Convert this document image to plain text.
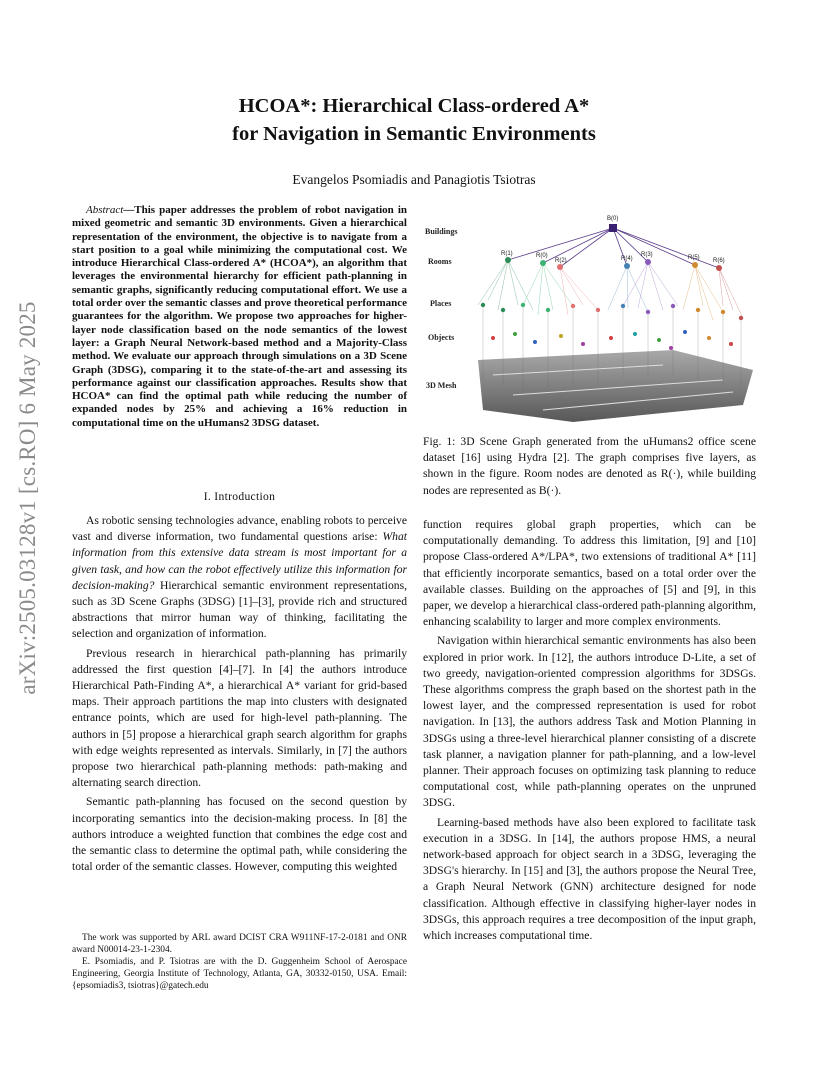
arXiv:2505.03128v1 [cs.RO] 6 May 2025
HCOA*: Hierarchical Class-ordered A*
for Navigation in Semantic Environments
Evangelos Psomiadis and Panagiotis Tsiotras

Abstract—This paper addresses the problem of robot navigation in mixed geometric and semantic 3D environments. Given a hierarchical representation of the environment, the objective is to navigate from a start position to a goal while minimizing the computational cost. We introduce Hierarchical Class-ordered A* (HCOA*), an algorithm that leverages the environmental hierarchy for efficient path-planning in semantic graphs, significantly reducing computational effort. We use a total order over the semantic classes and prove theoretical performance guarantees for the algorithm. We propose two approaches for higher-layer node classification based on the node semantics of the lowest layer: a Graph Neural Network-based method and a Majority-Class method. We evaluate our approach through simulations on a 3D Scene Graph (3DSG), comparing it to the state-of-the-art and assessing its performance against our classification approaches. Results show that HCOA* can find the optimal path while reducing the number of expanded nodes by 25% and achieving a 16% reduction in computational time on the uHumans2 3DSG dataset.

I. Introduction

As robotic sensing technologies advance, enabling robots to perceive vast and diverse information, two fundamental questions arise: What information from this extensive data stream is most important for a given task, and how can the robot effectively utilize this information for decision-making? Hierarchical semantic environment representations, such as 3D Scene Graphs (3DSG) [1]–[3], provide rich and structured abstractions that mirror human way of thinking, facilitating the selection and organization of information.

Previous research in hierarchical path-planning has primarily addressed the first question [4]–[7]. In [4] the authors introduce Hierarchical Path-Finding A*, a hierarchical A* variant for grid-based maps. Their approach partitions the map into clusters with designated entrance points, which are used for high-level path-planning. The authors in [5] propose a hierarchical graph search algorithm for graphs with edge weights represented as intervals. Similarly, in [7] the authors propose two hierarchical path-planning methods: path-making and alternating search direction.

Semantic path-planning has focused on the second question by incorporating semantics into the decision-making process. In [8] the authors introduce a weighted function that combines the edge cost and the semantic class to determine the optimal path, while considering the total order of the semantic classes. However, computing this weighted

The work was supported by ARL award DCIST CRA W911NF-17-2-0181 and ONR award N00014-23-1-2304.

E. Psomiadis, and P. Tsiotras are with the D. Guggenheim School of Aerospace Engineering, Georgia Institute of Technology, Atlanta, GA, 30332-0150, USA. Email: {epsomiadis3, tsiotras}@gatech.edu

Buildings
Rooms
Places
Objects
3D Mesh
B(0)
R(1)	R(0)
R(2)	R(4)
R(3)	R(5) R(6)
Fig. 1: 3D Scene Graph generated from the uHumans2 office scene dataset [16] using Hydra [2]. The graph comprises five layers, as shown in the figure. Room nodes are denoted as R(·), while building nodes are represented as B(·).

function requires global graph properties, which can be computationally demanding. To address this limitation, [9] and [10] propose Class-ordered A*/LPA*, two extensions of traditional A* [11] that efficiently incorporate semantics, based on a total order over the available classes. Building on the approaches of [5] and [9], in this paper, we develop a hierarchical class-ordered path-planning algorithm, enhancing scalability to larger and more complex environments.

Navigation within hierarchical semantic environments has also been explored in prior work. In [12], the authors introduce D-Lite, a set of two greedy, navigation-oriented compression algorithms for 3DSGs. These algorithms compress the graph based on the shortest path in the lowest layer, and the compressed representation is used for robot navigation. In [13], the authors address Task and Motion Planning in 3DSGs using a three-level hierarchical planner consisting of a discrete task planner, a navigation planner for path-planning, and a low-level planner. Their approach focuses on optimizing task planning to reduce computational cost, while path-planning operates on the unpruned 3DSG.

Learning-based methods have also been explored to facilitate task execution in a 3DSG. In [14], the authors propose HMS, a neural network-based approach for object search in a 3DSG, leveraging the 3DSG's hierarchy. In [15] and [3], the authors propose the Neural Tree, a Graph Neural Network (GNN) architecture designed for node classification. Although effective in classifying higher-layer nodes in 3DSGs, this approach requires a tree decomposition of the input graph, which increases computational time.
